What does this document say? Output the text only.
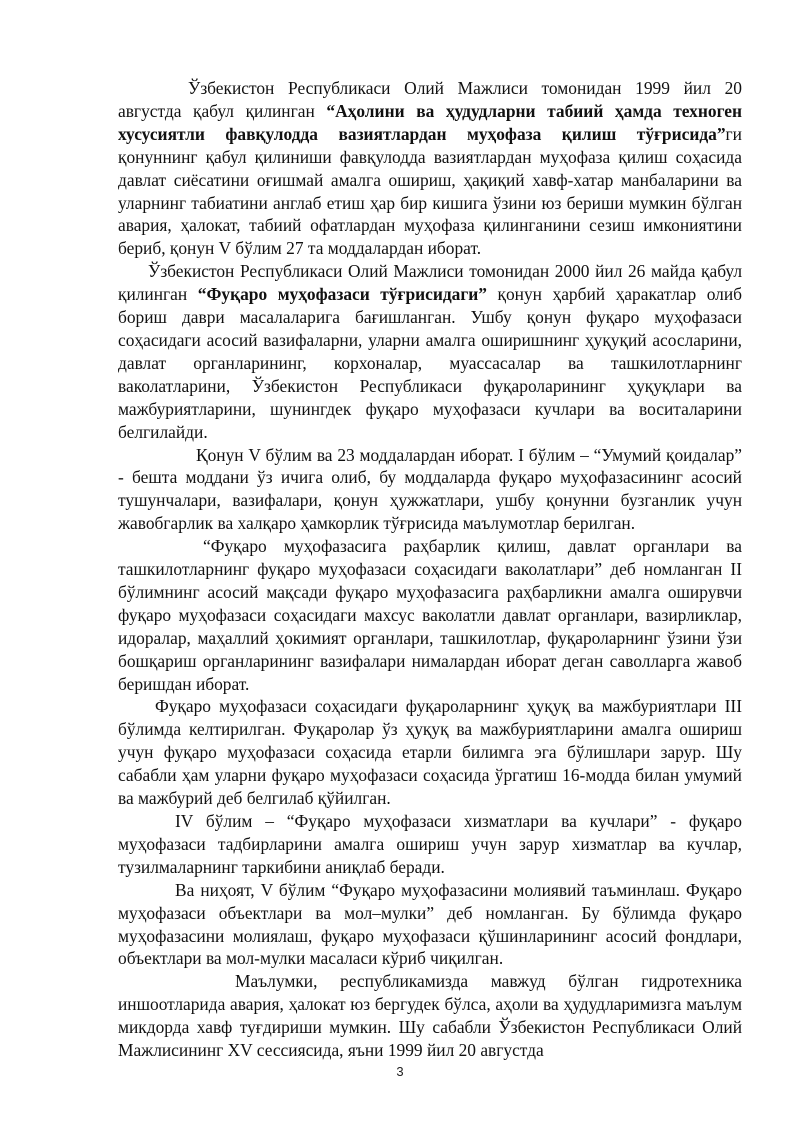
Ўзбекистон Республикаси Олий Мажлиси томонидан 1999 йил 20 августда қабул қилинган “Аҳолини ва ҳудудларни табиий ҳамда техноген хусусиятли фавқулодда вазиятлардан муҳофаза қилиш тўғрисида”ги қонуннинг қабул қилиниши фавқулодда вазиятлардан муҳофаза қилиш соҳасида давлат сиёсатини оғишмай амалга ошириш, ҳақиқий хавф-хатар манбаларини ва уларнинг табиатини англаб етиш ҳар бир кишига ўзини юз бериши мумкин бўлган авария, ҳалокат, табиий офатлардан муҳофаза қилинганини сезиш имкониятини бериб, қонун V бўлим 27 та моддалардан иборат.

Ўзбекистон Республикаси Олий Мажлиси томонидан 2000 йил 26 майда қабул қилинган “Фуқаро муҳофазаси тўғрисидаги” қонун ҳарбий ҳаракатлар олиб бориш даври масалаларига бағишланган. Ушбу қонун фуқаро муҳофазаси соҳасидаги асосий вазифаларни, уларни амалга оширишнинг ҳуқуқий асосларини, давлат органларининг, корхоналар, муассасалар ва ташкилотларнинг ваколатларини, Ўзбекистон Республикаси фуқароларининг ҳуқуқлари ва мажбуриятларини, шунингдек фуқаро муҳофазаси кучлари ва воситаларини белгилайди.

Қонун V бўлим ва 23 моддалардан иборат. I бўлим – “Умумий қоидалар” - бешта моддани ўз ичига олиб, бу моддаларда фуқаро муҳофазасининг асосий тушунчалари, вазифалари, қонун ҳужжатлари, ушбу қонунни бузганлик учун жавобгарлик ва халқаро ҳамкорлик тўғрисида маълумотлар берилган.

“Фуқаро муҳофазасига раҳбарлик қилиш, давлат органлари ва ташкилотларнинг фуқаро муҳофазаси соҳасидаги ваколатлари” деб номланган II бўлимнинг асосий мақсади фуқаро муҳофазасига раҳбарликни амалга оширувчи фуқаро муҳофазаси соҳасидаги махсус ваколатли давлат органлари, вазирликлар, идоралар, маҳаллий ҳокимият органлари, ташкилотлар, фуқароларнинг ўзини ўзи бошқариш органларининг вазифалари нималардан иборат деган саволларга жавоб беришдан иборат.

Фуқаро муҳофазаси соҳасидаги фуқароларнинг ҳуқуқ ва мажбуриятлари III бўлимда келтирилган. Фуқаролар ўз ҳуқуқ ва мажбуриятларини амалга ошириш учун фуқаро муҳофазаси соҳасида етарли билимга эга бўлишлари зарур. Шу сабабли ҳам уларни фуқаро муҳофазаси соҳасида ўргатиш 16-модда билан умумий ва мажбурий деб белгилаб қўйилган.

IV бўлим – “Фуқаро муҳофазаси хизматлари ва кучлари” - фуқаро муҳофазаси тадбирларини амалга ошириш учун зарур хизматлар ва кучлар, тузилмаларнинг таркибини аниқлаб беради.

Ва ниҳоят, V бўлим “Фуқаро муҳофазасини молиявий таъминлаш. Фуқаро муҳофазаси объектлари ва мол–мулки” деб номланган. Бу бўлимда фуқаро муҳофазасини молиялаш, фуқаро муҳофазаси қўшинларининг асосий фондлари, объектлари ва мол-мулки масаласи кўриб чиқилган.

Маълумки, республикамизда мавжуд бўлган гидротехника иншоотларида авария, ҳалокат юз бергудек бўлса, аҳоли ва ҳудудларимизга маълум микдорда хавф туғдириши мумкин. Шу сабабли Ўзбекистон Республикаси Олий Мажлисининг XV сессиясида, яъни 1999 йил 20 августда

3
